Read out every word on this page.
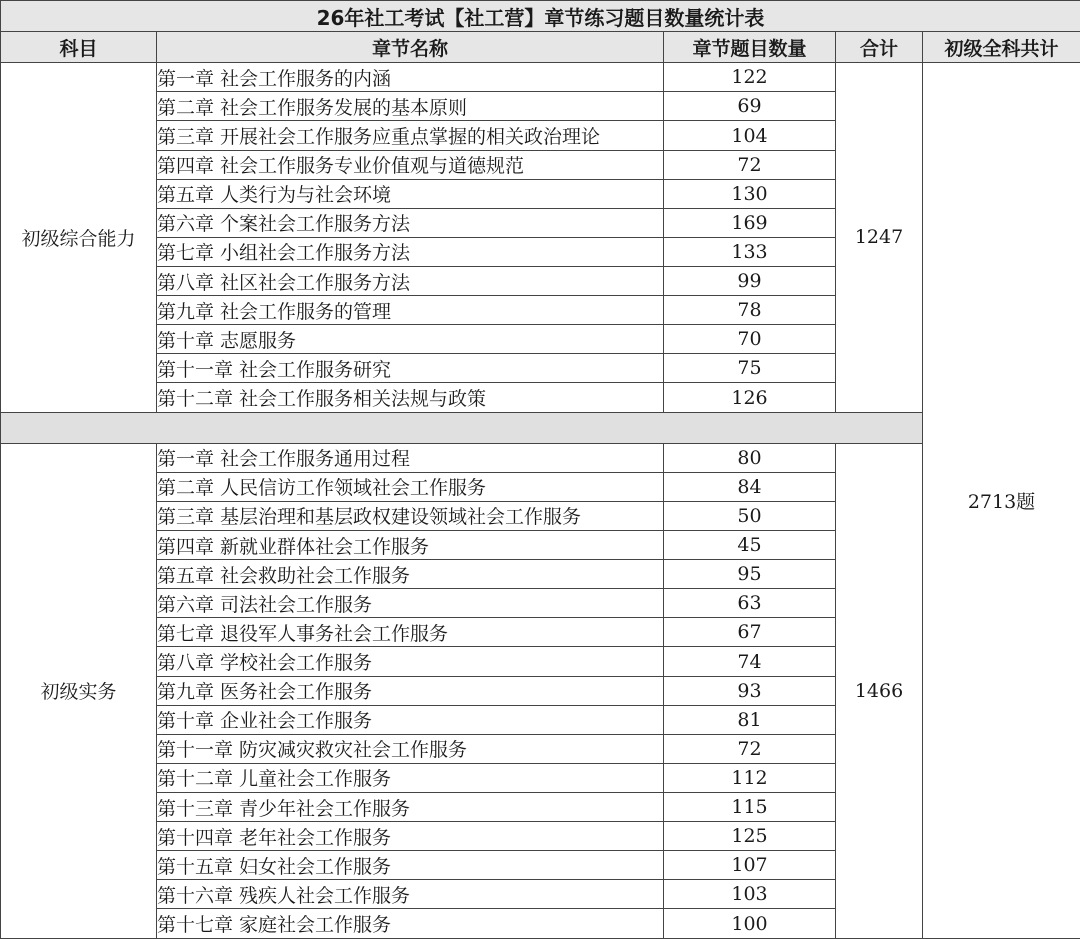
26年社工考试【社工营】章节练习题目数量统计表				
科目	章节名称	章节题目数量	合计	初级全科共计
初级综合能力	第一章 社会工作服务的内涵	122	1247	2713题
	第二章 社会工作服务发展的基本原则	69		
	第三章 开展社会工作服务应重点掌握的相关政治理论	104		
	第四章 社会工作服务专业价值观与道德规范	72		
	第五章 人类行为与社会环境	130		
	第六章 个案社会工作服务方法	169		
	第七章 小组社会工作服务方法	133		
	第八章 社区社会工作服务方法	99		
	第九章 社会工作服务的管理	78		
	第十章 志愿服务	70		
	第十一章 社会工作服务研究	75		
	第十二章 社会工作服务相关法规与政策	126		

初级实务	第一章 社会工作服务通用过程	80	1466	
	第二章 人民信访工作领域社会工作服务	84		
	第三章 基层治理和基层政权建设领域社会工作服务	50		
	第四章 新就业群体社会工作服务	45		
	第五章 社会救助社会工作服务	95		
	第六章 司法社会工作服务	63		
	第七章 退役军人事务社会工作服务	67		
	第八章 学校社会工作服务	74		
	第九章 医务社会工作服务	93		
	第十章 企业社会工作服务	81		
	第十一章 防灾减灾救灾社会工作服务	72		
	第十二章 儿童社会工作服务	112		
	第十三章 青少年社会工作服务	115		
	第十四章 老年社会工作服务	125		
	第十五章 妇女社会工作服务	107		
	第十六章 残疾人社会工作服务	103		
	第十七章 家庭社会工作服务	100		
